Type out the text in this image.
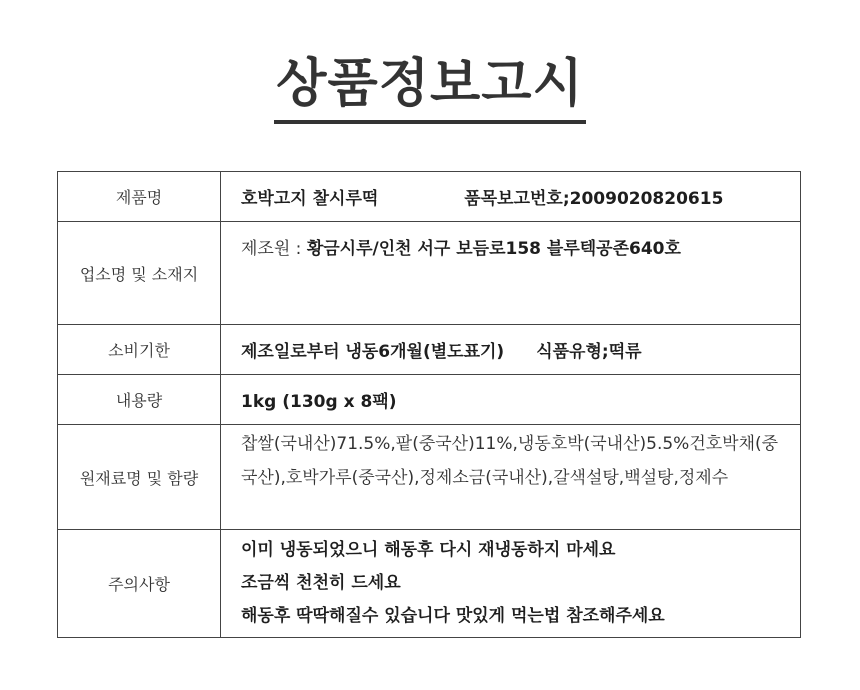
상품정보고시
제품명	호박고지 찰시루떡 품목보고번호;2009020820615
업소명 및 소재지	제조원 : 황금시루/인천 서구 보듬로158 블루텍공존640호

소비기한	제조일로부터 냉동6개월(별도표기) 식품유형;떡류
내용량	1kg (130g x 8팩)
원재료명 및 함량	찹쌀(국내산)71.5%,팥(중국산)11%,냉동호박(국내산)5.5%건호박채(중국산),호박가루(중국산),정제소금(국내산),갈색설탕,백설탕,정제수

주의사항	이미 냉동되었으니 해동후 다시 재냉동하지 마세요
조금씩 천천히 드세요
해동후 딱딱해질수 있습니다 맛있게 먹는법 참조해주세요
